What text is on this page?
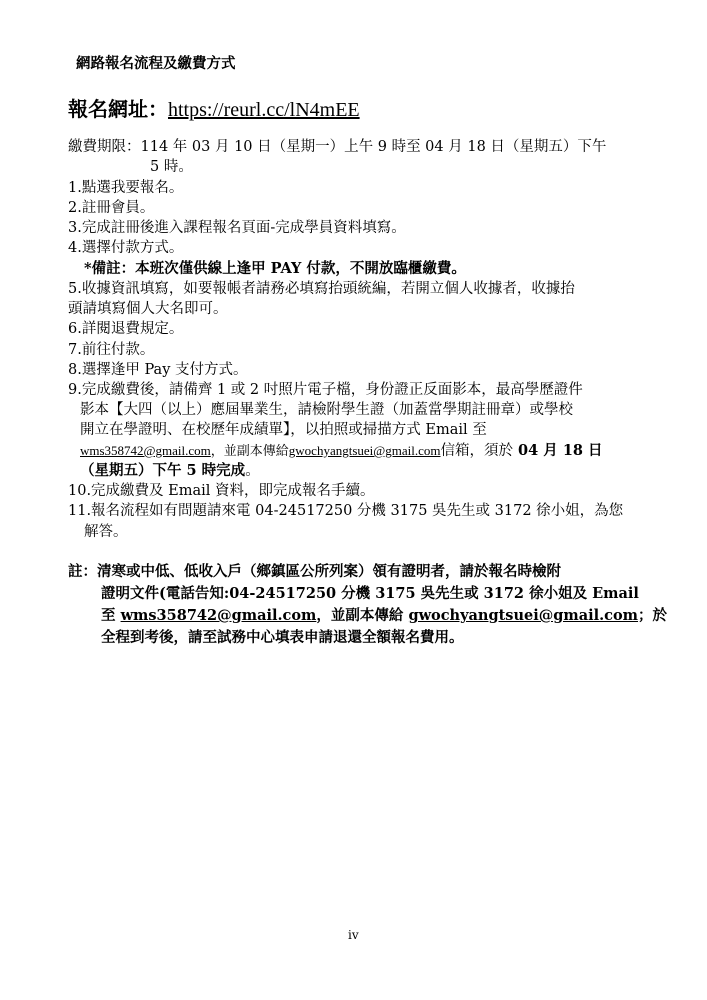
網路報名流程及繳費方式
報名網址：https://reurl.cc/lN4mEE
繳費期限：114 年 03 月 10 日（星期一）上午 9 時至 04 月 18 日（星期五）下午
5 時。
1.點選我要報名。
2.註冊會員。
3.完成註冊後進入課程報名頁面-完成學員資料填寫。
4.選擇付款方式。
*備註：本班次僅供線上逢甲 PAY 付款，不開放臨櫃繳費。
5.收據資訊填寫，如要報帳者請務必填寫抬頭統編，若開立個人收據者，收據抬
頭請填寫個人大名即可。
6.詳閱退費規定。
7.前往付款。
8.選擇逢甲 Pay 支付方式。
9.完成繳費後，請備齊 1 或 2 吋照片電子檔，身份證正反面影本，最高學歷證件
影本【大四（以上）應屆畢業生，請檢附學生證（加蓋當學期註冊章）或學校
開立在學證明、在校歷年成績單】，以拍照或掃描方式 Email 至
wms358742@gmail.com，並副本傳給gwochyangtsuei@gmail.com信箱，須於 04 月 18 日
（星期五）下午 5 時完成。
10.完成繳費及 Email 資料，即完成報名手續。
11.報名流程如有問題請來電 04-24517250 分機 3175 吳先生或 3172 徐小姐，為您
解答。
註：清寒或中低、低收入戶（鄉鎮區公所列案）領有證明者，請於報名時檢附
證明文件(電話告知:04-24517250 分機 3175 吳先生或 3172 徐小姐及 Email
至 wms358742@gmail.com，並副本傳給 gwochyangtsuei@gmail.com；於
全程到考後，請至試務中心填表申請退還全額報名費用。
iv
